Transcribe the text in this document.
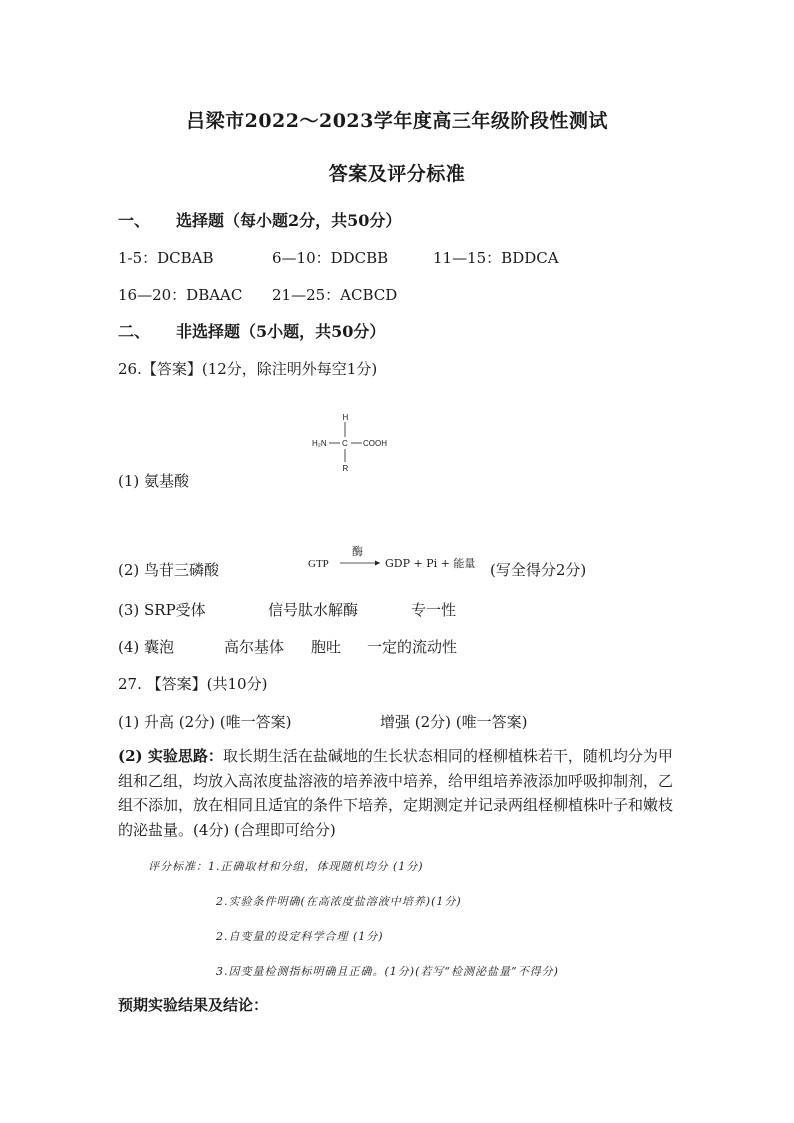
吕梁市2022～2023学年度高三年级阶段性测试
答案及评分标准
一、 选择题（每小题2分，共50分）
1-5：DCBAB	6—10：DDCBB	11—15：BDDCA
16—20：DBAAC 21—25：ACBCD
二、 非选择题（5小题，共50分）
26.【答案】(12分，除注明外每空1分)
H
H₂N C COOH
R
(1) 氨基酸
(2) 鸟苷三磷酸	GTP
酶
GDP + Pi + 能量 (写全得分2分)
(3) SRP受体	信号肽水解酶	专一性
(4) 囊泡	高尔基体 胞吐 一定的流动性
27. 【答案】(共10分)
(1) 升高 (2分) (唯一答案)	增强 (2分) (唯一答案)
(2) 实验思路：取长期生活在盐碱地的生长状态相同的柽柳植株若干，随机均分为甲组和乙组，均放入高浓度盐溶液的培养液中培养，给甲组培养液添加呼吸抑制剂，乙组不添加，放在相同且适宜的条件下培养，定期测定并记录两组柽柳植株叶子和嫩枝的泌盐量。(4分) (合理即可给分)
评分标准：1.正确取材和分组，体现随机均分 (1分)
2.实验条件明确(在高浓度盐溶液中培养)(1分)
2.自变量的设定科学合理 (1分)
3.因变量检测指标明确且正确。(1分)(若写“检测泌盐量”不得分)
预期实验结果及结论：
